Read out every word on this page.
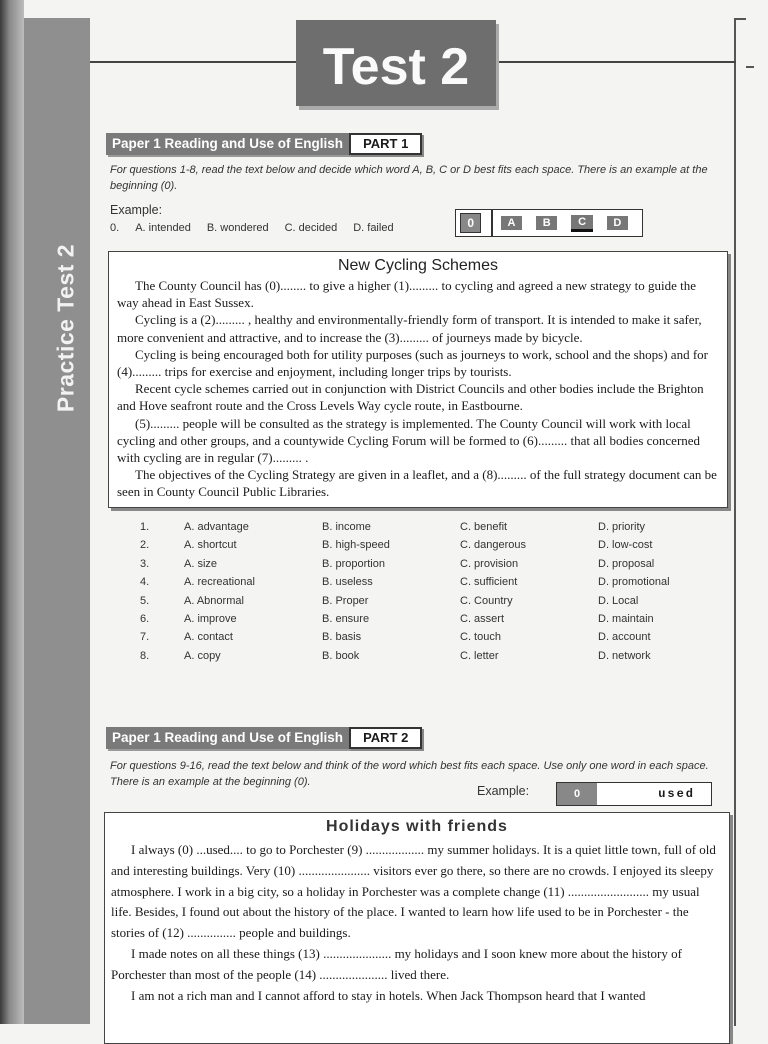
Practice Test 2
Test 2
Paper 1 Reading and Use of English	PART 1
For questions 1-8, read the text below and decide which word A, B, C or D best fits each space. There is an example at the beginning (0).
Example:
0. A. intended B. wondered C. decided D. failed	0	A	B	C	D
New Cycling Schemes

The County Council has (0)........ to give a higher (1)......... to cycling and agreed a new strategy to guide the way ahead in East Sussex.

Cycling is a (2)......... , healthy and environmentally-friendly form of transport. It is intended to make it safer, more convenient and attractive, and to increase the (3)......... of journeys made by bicycle.

Cycling is being encouraged both for utility purposes (such as journeys to work, school and the shops) and for (4)......... trips for exercise and enjoyment, including longer trips by tourists.

Recent cycle schemes carried out in conjunction with District Councils and other bodies include the Brighton and Hove seafront route and the Cross Levels Way cycle route, in Eastbourne.

(5)......... people will be consulted as the strategy is implemented. The County Council will work with local cycling and other groups, and a countywide Cycling Forum will be formed to (6)......... that all bodies concerned with cycling are in regular (7)......... .

The objectives of the Cycling Strategy are given in a leaflet, and a (8)......... of the full strategy document can be seen in County Council Public Libraries.

1.	A. advantage	B. income	C. benefit	D. priority
2.	A. shortcut	B. high-speed	C. dangerous	D. low-cost
3.	A. size	B. proportion	C. provision	D. proposal
4.	A. recreational	B. useless	C. sufficient	D. promotional
5.	A. Abnormal	B. Proper	C. Country	D. Local
6.	A. improve	B. ensure	C. assert	D. maintain
7.	A. contact	B. basis	C. touch	D. account
8.	A. copy	B. book	C. letter	D. network
Paper 1 Reading and Use of English	PART 2
For questions 9-16, read the text below and think of the word which best fits each space. Use only one word in each space. There is an example at the beginning (0).
Example:	0	used
Holidays with friends

I always (0) ...used.... to go to Porchester (9) .................. my summer holidays. It is a quiet little town, full of old and interesting buildings. Very (10) ...................... visitors ever go there, so there are no crowds. I enjoyed its sleepy atmosphere. I work in a big city, so a holiday in Porchester was a complete change (11) ......................... my usual life. Besides, I found out about the history of the place. I wanted to learn how life used to be in Porchester - the stories of (12) ............... people and buildings.

I made notes on all these things (13) ..................... my holidays and I soon knew more about the history of Porchester than most of the people (14) ..................... lived there.

I am not a rich man and I cannot afford to stay in hotels. When Jack Thompson heard that I wanted
